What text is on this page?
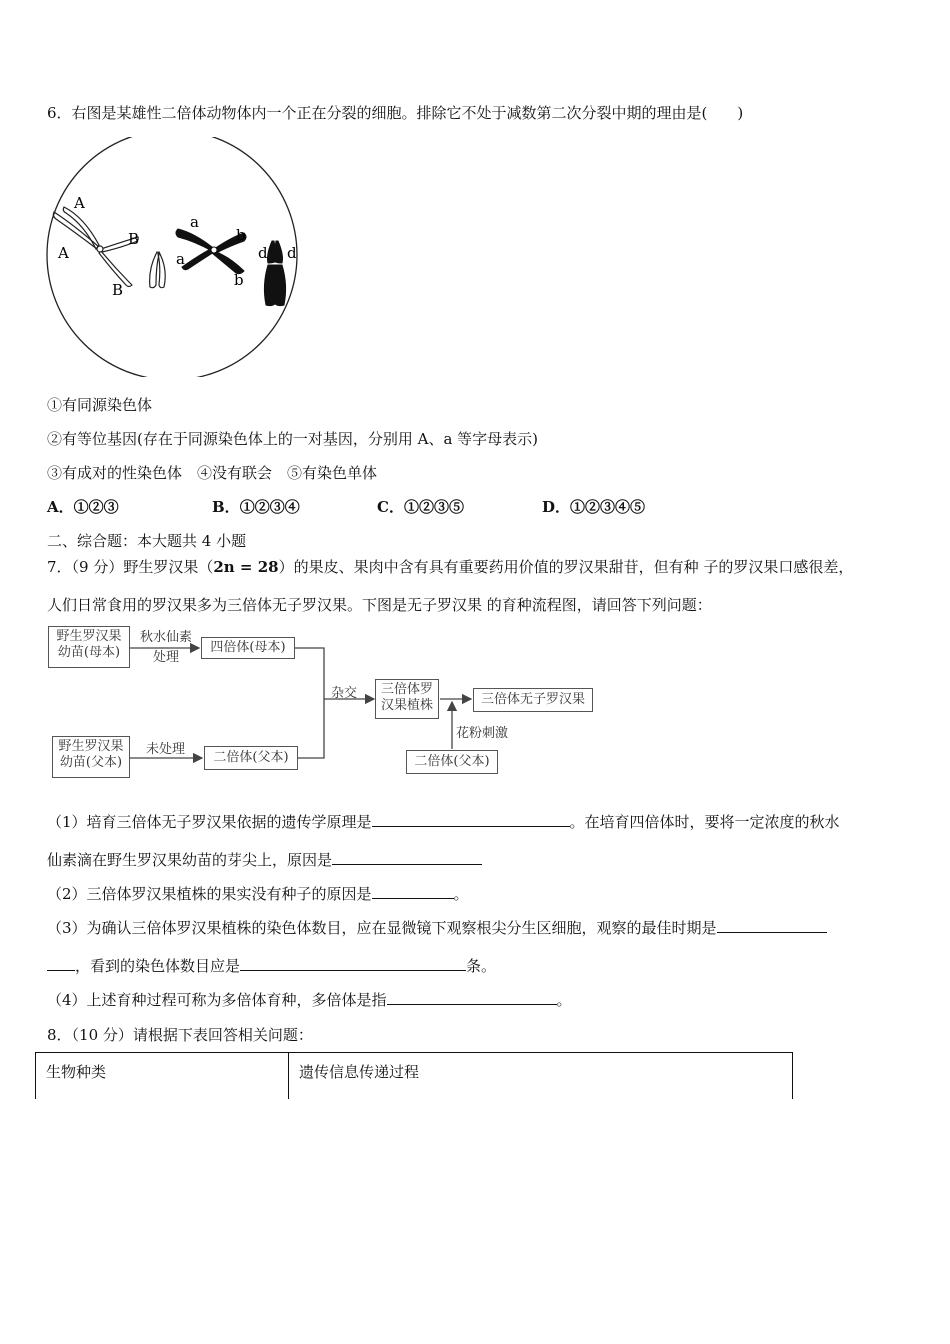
6．右图是某雄性二倍体动物体内一个正在分裂的细胞。排除它不处于减数第二次分裂中期的理由是(　　)
A
A
B
B
a
a
b
b
d d
①有同源染色体
②有等位基因(存在于同源染色体上的一对基因，分别用 A、a 等字母表示)
③有成对的性染色体　④没有联会　⑤有染色单体
A．①②③	B．①②③④	C．①②③⑤	D．①②③④⑤
二、综合题：本大题共 4 小题
7．（9 分）野生罗汉果（2n = 28）的果皮、果肉中含有具有重要药用价值的罗汉果甜苷，但有种 子的罗汉果口感很差，
人们日常食用的罗汉果多为三倍体无子罗汉果。下图是无子罗汉果 的育种流程图，请回答下列问题：
野生罗汉果幼苗(母本)
秋水仙素处理
四倍体(母本)
野生罗汉果幼苗(父本)
未处理
二倍体(父本)
杂交	三倍体罗汉果植株	三倍体无子罗汉果
花粉刺激
二倍体(父本)
（1）培育三倍体无子罗汉果依据的遗传学原理是	。在培育四倍体时，要将一定浓度的秋水
仙素滴在野生罗汉果幼苗的芽尖上，原因是
（2）三倍体罗汉果植株的果实没有种子的原因是	。
（3）为确认三倍体罗汉果植株的染色体数目，应在显微镜下观察根尖分生区细胞，观察的最佳时期是
，看到的染色体数目应是	条。
（4）上述育种过程可称为多倍体育种，多倍体是指	。
8．（10 分）请根据下表回答相关问题：
生物种类	遗传信息传递过程
